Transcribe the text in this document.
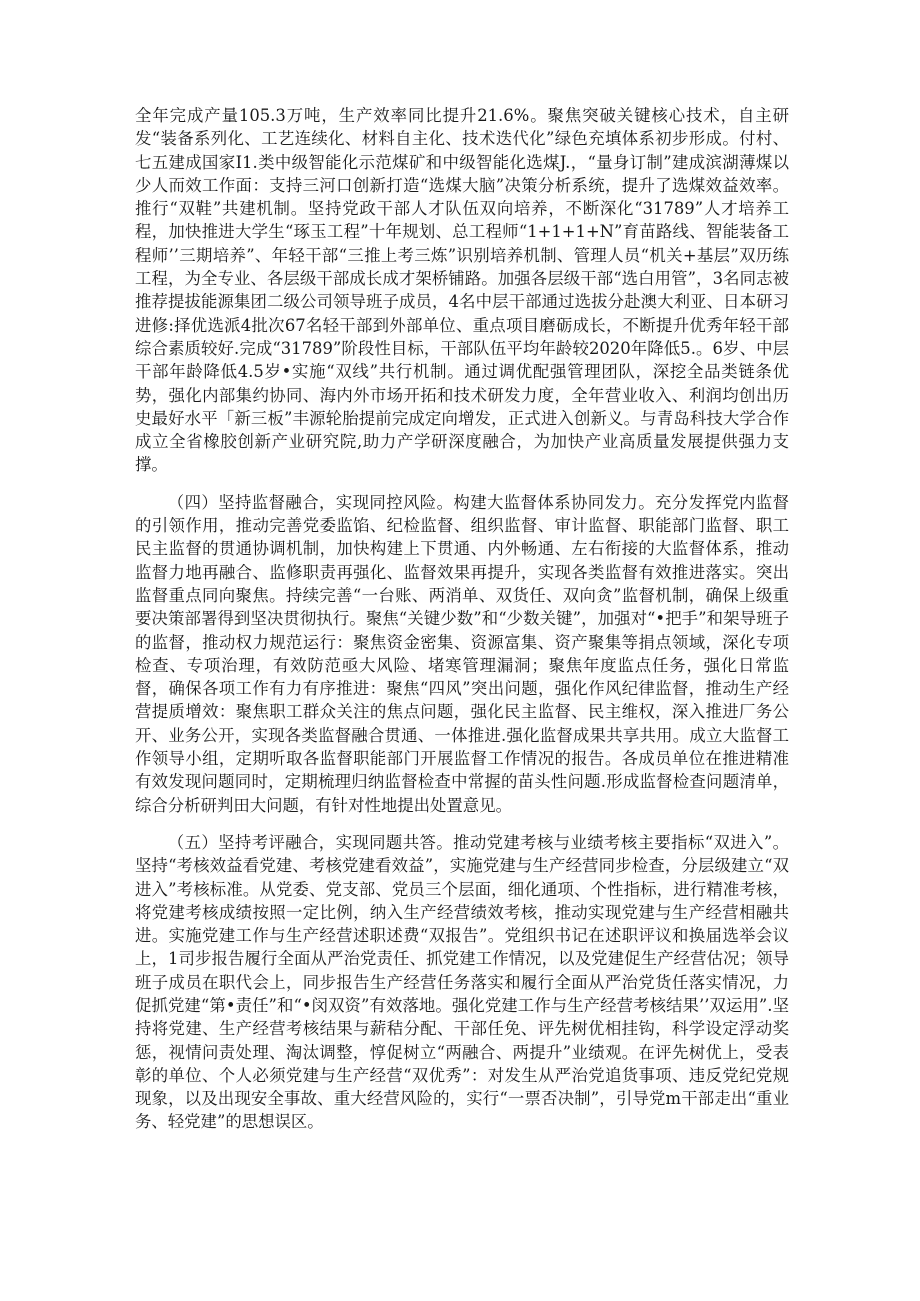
全年完成产量105.3万吨，生产效率同比提升21.6%。聚焦突破关键核心技术，自主研发“装备系列化、工艺连续化、材料自主化、技术迭代化”绿色充填体系初步形成。付村、七五建成国家I1.类中级智能化示范煤矿和中级智能化选煤J.，“量身订制”建成滨湖薄煤以少人而效工作面：支持三河口创新打造“选煤大脑”决策分析系统，提升了选煤效益效率。推行“双鞋”共建机制。坚持党政干部人才队伍双向培养，不断深化“31789”人才培养工程，加快推进大学生“琢玉工程”十年规划、总工程师“1+1+1+N”育苗路线、智能装备工程师’’三期培养”、年轻干部“三推上考三炼”识别培养机制、管理人员“机关+基层”双历练工程，为全专业、各层级干部成长成才架桥铺路。加强各层级干部“选白用管”，3名同志被推荐提拔能源集团二级公司领导班子成员，4名中层干部通过选拔分赴澳大利亚、日本研习进修:择优选派4批次67名轻干部到外部单位、重点项目磨砺成长，不断提升优秀年轻干部综合素质较好.完成“31789”阶段性目标，干部队伍平均年龄较2020年降低5.。6岁、中层干部年龄降低4.5岁•实施“双线”共行机制。通过调优配强管理团队，深挖全品类链条优势，强化内部集约协同、海内外市场开拓和技术研发力度，全年营业收入、利润均创出历史最好水平「新三板”丰源轮胎提前完成定向增发，正式进入创新义。与青岛科技大学合作成立全省橡胶创新产业研究院,助力产学研深度融合，为加快产业高质量发展提供强力支撑。

（四）坚持监督融合，实现同控风险。构建大监督体系协同发力。充分发挥党内监督的引领作用，推动完善党委监馅、纪检监督、组织监督、审计监督、职能部门监督、职工民主监督的贯通协调机制，加快构建上下贯通、内外畅通、左右衔接的大监督体系，推动监督力地再融合、监修职责再强化、监督效果再提升，实现各类监督有效推进落实。突出监督重点同向聚焦。持续完善“一台账、两消单、双货任、双向贪”监督机制，确保上级重要决策部署得到坚决贯彻执行。聚焦“关键少数”和“少数关键”，加强对“•把手”和架导班子的监督，推动权力规范运行：聚焦资金密集、资源富集、资产聚集等捐点领域，深化专项检查、专项治理，有效防范亟大风险、堵寒管理漏洞；聚焦年度监点任务，强化日常监督，确保各项工作有力有序推进：聚焦“四风”突出问题，强化作风纪律监督，推动生产经营提质增效：聚焦职工群众关注的焦点问题，强化民主监督、民主维权，深入推进厂务公开、业务公开，实现各类监督融合贯通、一体推进.强化监督成果共享共用。成立大监督工作领导小组，定期听取各监督职能部门开展监督工作情况的报告。各成员单位在推进精准有效发现问题同时，定期梳理归纳监督检查中常握的苗头性问题.形成监督检查问题清单，综合分析研判田大问题，有针对性地提出处置意见。

（五）坚持考评融合，实现同题共答。推动党建考核与业绩考核主要指标“双进入”。坚持“考核效益看党建、考核党建看效益”，实施党建与生产经营同步检查，分层级建立“双进入”考核标准。从党委、党支部、党员三个层面，细化通项、个性指标，进行精准考核，将党建考核成绩按照一定比例，纳入生产经营绩效考核，推动实现党建与生产经营相融共进。实施党建工作与生产经营述职述费“双报告”。党组织书记在述职评议和换届选举会议上，1司步报告履行全面从严治党责任、抓党建工作情况，以及党建促生产经营估况；领导班子成员在职代会上，同步报告生产经营任务落实和履行全面从严治党货任落实情况，力促抓党建“第•责任”和“•闵双资”有效落地。强化党建工作与生产经营考核结果’’双运用”.坚持将党建、生产经营考核结果与薪秸分配、干部任免、评先树优相挂钩，科学设定浮动奖惩，视情问责处理、淘汰调整，惇促树立“两融合、两提升”业绩观。在评先树优上，受表彰的单位、个人必须党建与生产经营“双优秀”：对发生从严治党追货事项、违反党纪党规现象，以及出现安全事故、重大经营风险的，实行“一票否决制”，引导党m干部走出“重业务、轻党建”的思想误区。
